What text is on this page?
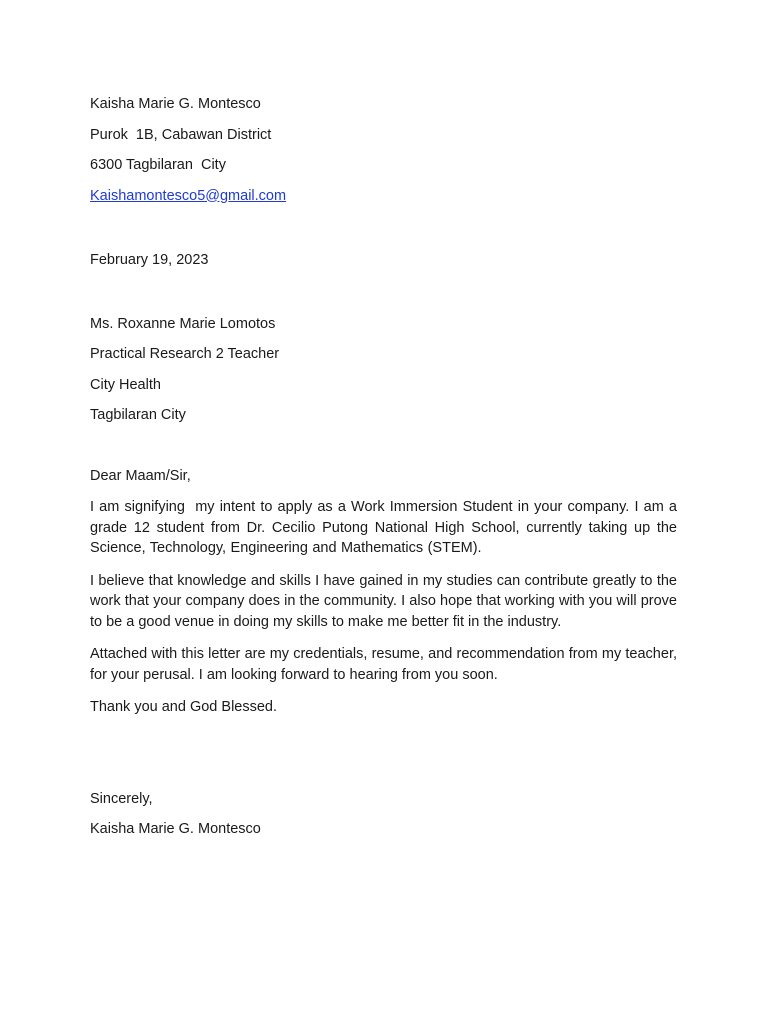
Kaisha Marie G. Montesco
Purok  1B, Cabawan District
6300 Tagbilaran  City
Kaishamontesco5@gmail.com
February 19, 2023
Ms. Roxanne Marie Lomotos
Practical Research 2 Teacher
City Health
Tagbilaran City
Dear Maam/Sir,

I am signifying  my intent to apply as a Work Immersion Student in your company. I am a    grade 12 student from Dr. Cecilio Putong National High School, currently taking up the   Science, Technology, Engineering and Mathematics (STEM).

I believe that knowledge and skills I have gained in my studies can contribute greatly to the work that your company does in the community. I also hope that working with you will prove to be a good venue in doing my skills to make me better fit in the industry.

Attached with this letter are my credentials, resume, and recommendation from my teacher, for your perusal. I am looking forward to hearing from you soon.

Thank you and God Blessed.

Sincerely,
Kaisha Marie G. Montesco
